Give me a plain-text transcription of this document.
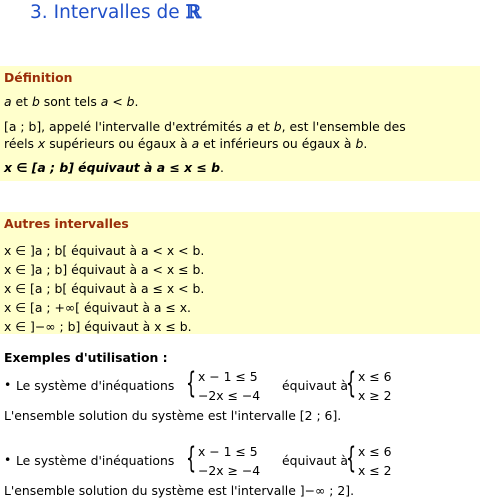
3. Intervalles de ℝ
Définition
a et b sont tels a < b.
[a ; b], appelé l'intervalle d'extrémités a et b, est l'ensemble des
réels x supérieurs ou égaux à a et inférieurs ou égaux à b.
x ∈ [a ; b] équivaut à a ≤ x ≤ b.
Autres intervalles
x ∈ ]a ; b[ équivaut à a < x < b.
x ∈ ]a ; b] équivaut à a < x ≤ b.
x ∈ [a ; b[ équivaut à a ≤ x < b.
x ∈ [a ; +∞[ équivaut à a ≤ x.
x ∈ ]−∞ ; b] équivaut à x ≤ b.
Exemples d'utilisation :
• Le système d'inéquations { x − 1 ≤ 5
−2x ≤ −4
équivaut à
{ x ≤ 6
x ≥ 2
L'ensemble solution du système est l'intervalle [2 ; 6].
• Le système d'inéquations { x − 1 ≤ 5
−2x ≥ −4
équivaut à
{ x ≤ 6
x ≤ 2
L'ensemble solution du système est l'intervalle ]−∞ ; 2].
